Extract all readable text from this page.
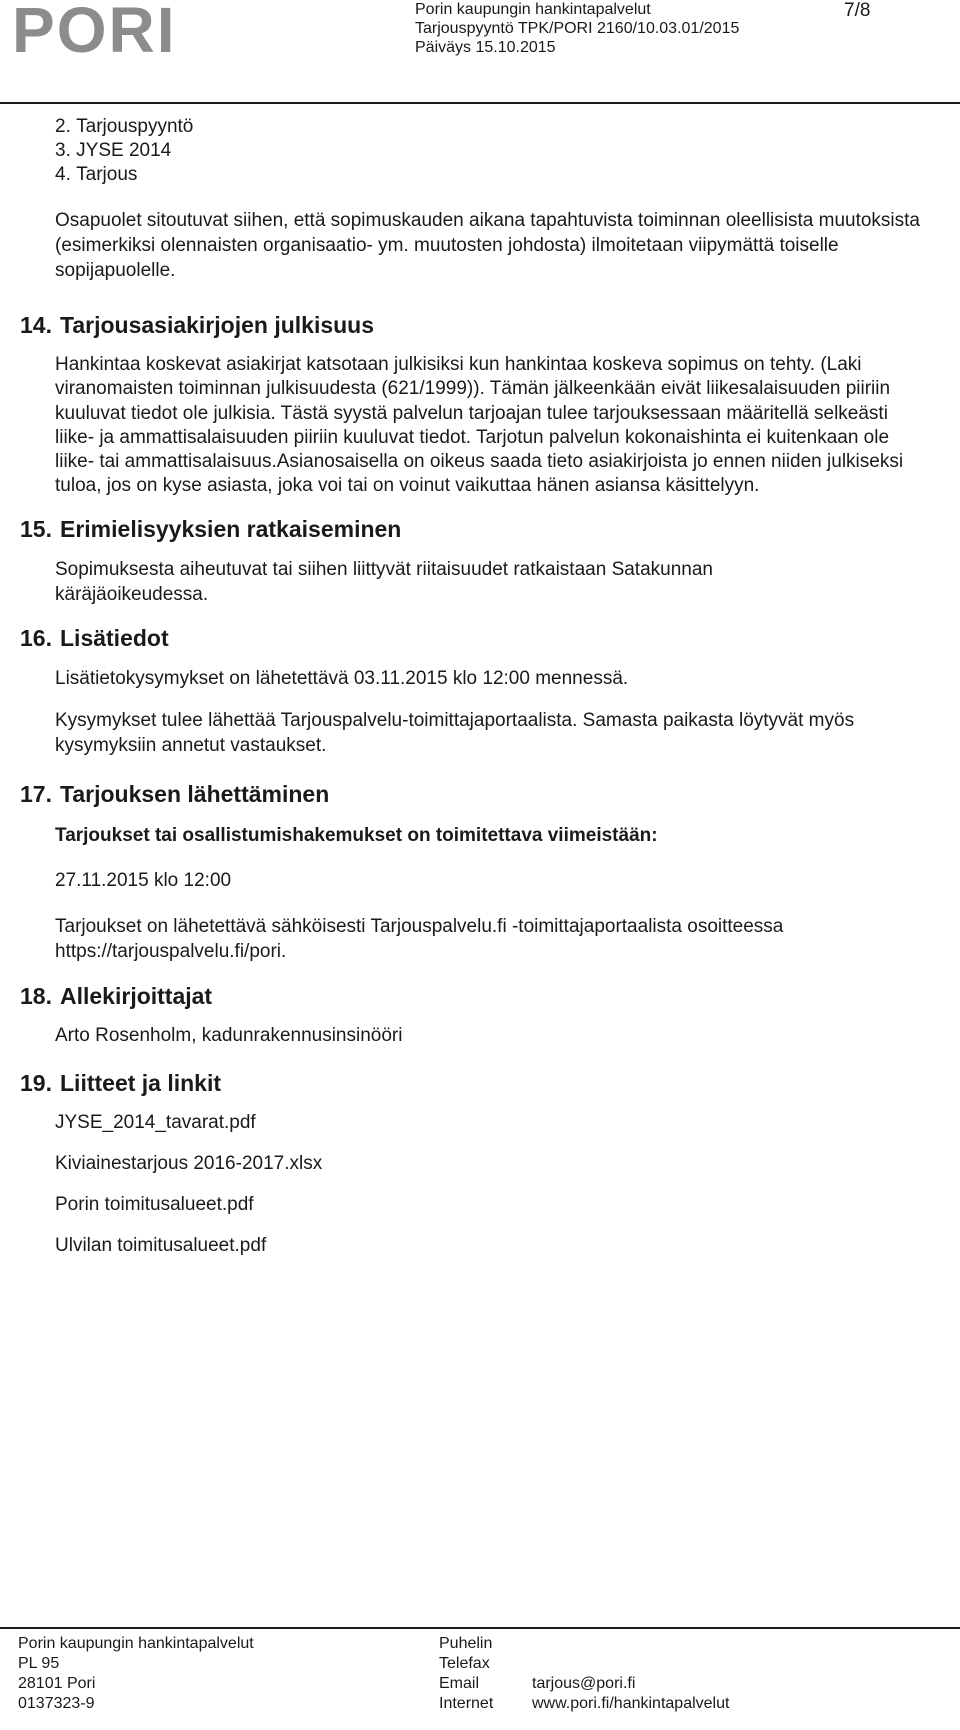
PORI	Porin kaupungin hankintapalvelut
Tarjouspyyntö TPK/PORI 2160/10.03.01/2015
Päiväys 15.10.2015
7/8
2.
Tarjouspyyntö
3.
JYSE 2014
4.
Tarjous

Osapuolet sitoutuvat siihen, että sopimuskauden aikana tapahtuvista toiminnan oleellisista muutoksista (esimerkiksi olennaisten organisaatio- ym. muutosten johdosta) ilmoitetaan viipymättä toiselle sopijapuolelle.

14. Tarjousasiakirjojen julkisuus

Hankintaa koskevat asiakirjat katsotaan julkisiksi kun hankintaa koskeva sopimus on tehty. (Laki viranomaisten toiminnan julkisuudesta (621/1999)). Tämän jälkeenkään eivät liikesalaisuuden piiriin kuuluvat tiedot ole julkisia. Tästä syystä palvelun tarjoajan tulee tarjouksessaan määritellä selkeästi liike- ja ammattisalaisuuden piiriin kuuluvat tiedot. Tarjotun palvelun kokonaishinta ei kuitenkaan ole liike- tai ammattisalaisuus.Asianosaisella on oikeus saada tieto asiakirjoista jo ennen niiden julkiseksi tuloa, jos on kyse asiasta, joka voi tai on voinut vaikuttaa hänen asiansa käsittelyyn.

15. Erimielisyyksien ratkaiseminen

Sopimuksesta aiheutuvat tai siihen liittyvät riitaisuudet ratkaistaan Satakunnan käräjäoikeudessa.

16. Lisätiedot

Lisätietokysymykset on lähetettävä 03.11.2015 klo 12:00 mennessä.

Kysymykset tulee lähettää Tarjouspalvelu-toimittajaportaalista. Samasta paikasta löytyvät myös kysymyksiin annetut vastaukset.

17. Tarjouksen lähettäminen

Tarjoukset tai osallistumishakemukset on toimitettava viimeistään:

27.11.2015 klo 12:00

Tarjoukset on lähetettävä sähköisesti Tarjouspalvelu.fi -toimittajaportaalista osoitteessa https://tarjouspalvelu.fi/pori.

18. Allekirjoittajat

Arto Rosenholm, kadunrakennusinsinööri

19. Liitteet ja linkit

JYSE_2014_tavarat.pdf

Kiviainestarjous 2016-2017.xlsx

Porin toimitusalueet.pdf

Ulvilan toimitusalueet.pdf

Porin kaupungin hankintapalvelut
PL 95
28101 Pori
0137323-9
Puhelin
Telefax
Email
Internet

tarjous@pori.fi
www.pori.fi/hankintapalvelut
